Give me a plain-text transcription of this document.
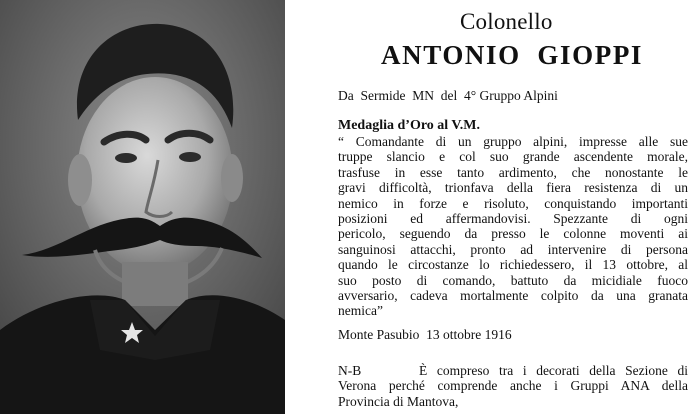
Colonello
ANTONIO  GIOPPI
Da  Sermide  MN  del  4° Gruppo Alpini
Medaglia d’Oro al V.M.
“ Comandante di un gruppo alpini, impresse alle sue
truppe slancio e col suo grande ascendente morale,
trasfuse in esse tanto ardimento, che nonostante le
gravi difficoltà, trionfava della fiera resistenza di un
nemico in forze e risoluto, conquistando importanti
posizioni ed affermandovisi. Spezzante di ogni
pericolo, seguendo da presso le colonne moventi ai
sanguinosi attacchi, pronto ad intervenire di persona
quando le circostanze lo richiedessero, il 13 ottobre, al
suo posto di comando, battuto da micidiale fuoco
avversario, cadeva mortalmente colpito da una granata
nemica”
Monte Pasubio  13 ottobre 1916
N-B	È compreso tra i decorati della Sezione di
Verona perché comprende anche i Gruppi ANA della
Provincia di Mantova,
